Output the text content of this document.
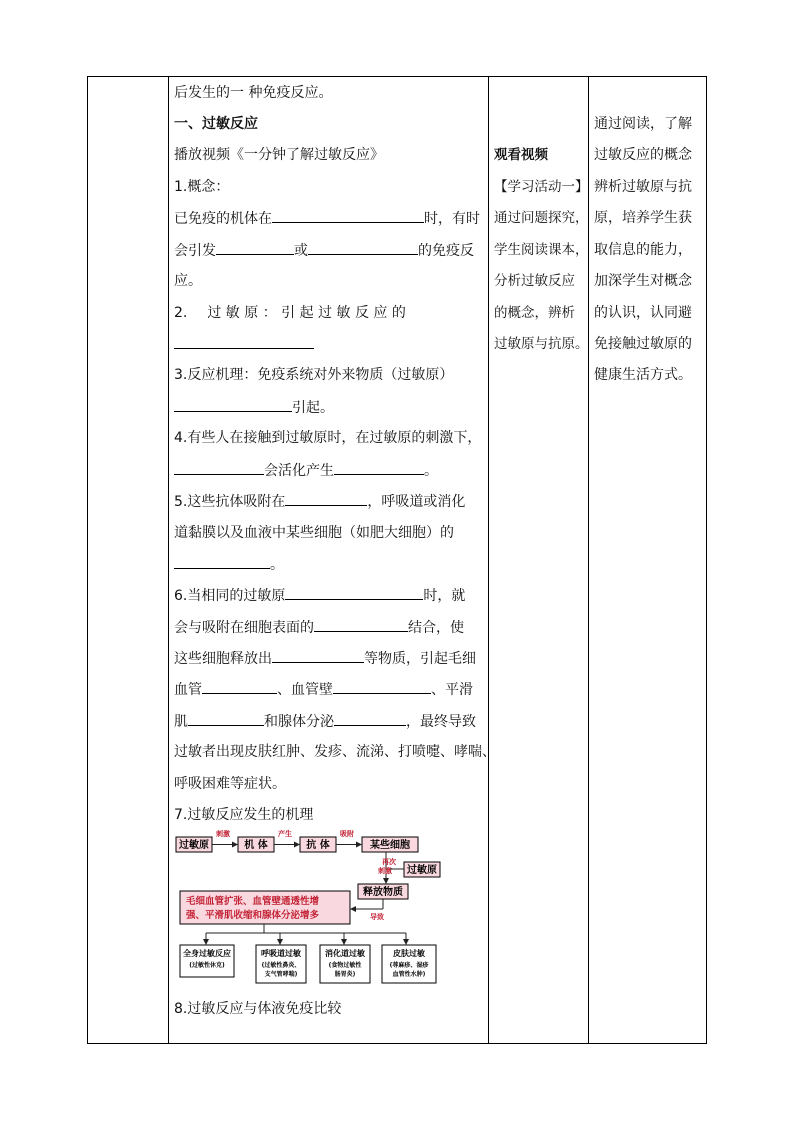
后发生的一 种免疫反应。
一、过敏反应
播放视频《一分钟了解过敏反应》
1.概念：
已免疫的机体在	时，有时
会引发	或	的免疫反
应。
2. 过 敏 原 ： 引 起 过 敏 反 应 的
3.反应机理：免疫系统对外来物质（过敏原）
引起。
4.有些人在接触到过敏原时，在过敏原的刺激下，
会活化产生	。
5.这些抗体吸附在	，呼吸道或消化
道黏膜以及血液中某些细胞（如肥大细胞）的
。
6.当相同的过敏原	时，就
会与吸附在细胞表面的	结合，使
这些细胞释放出	等物质，引起毛细
血管	、血管壁	、平滑
肌	和腺体分泌	，最终导致
过敏者出现皮肤红肿、发疹、流涕、打喷嚏、哮喘、
呼吸困难等症状。
7.过敏反应发生的机理
过敏原	机 体	抗 体	某些细胞
刺激	产生	吸附
再次
刺激 过敏原
释放物质
毛细血管扩张、血管壁通透性增
强、平滑肌收缩和腺体分泌增多	导致
全身过敏反应
(过敏性休克)
呼吸道过敏
(过敏性鼻炎、
支气管哮喘)
消化道过敏
(食物过敏性
肠胃炎)
皮肤过敏
(荨麻疹、湿疹
血管性水肿)
8.过敏反应与体液免疫比较
观看视频
【学习活动一】
通过问题探究，
学生阅读课本，
分析过敏反应
的概念，辨析
过敏原与抗原。
通过阅读，了解
过敏反应的概念
辨析过敏原与抗
原，培养学生获
取信息的能力，
加深学生对概念
的认识，认同避
免接触过敏原的
健康生活方式。
